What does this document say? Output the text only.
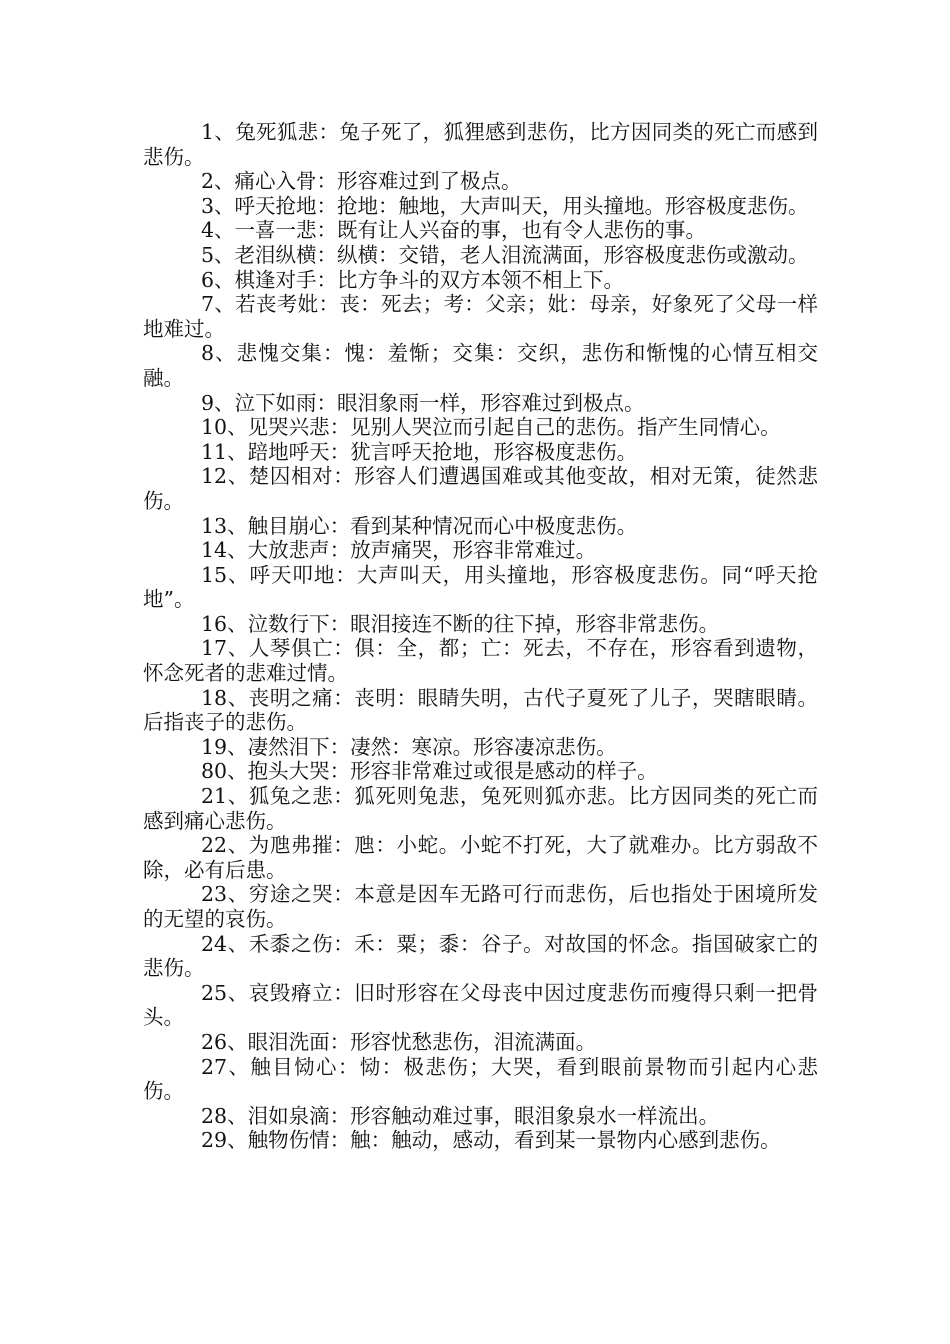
1、兔死狐悲：兔子死了，狐狸感到悲伤，比方因同类的死亡而感到悲伤。

2、痛心入骨：形容难过到了极点。

3、呼天抢地：抢地：触地，大声叫天，用头撞地。形容极度悲伤。

4、一喜一悲：既有让人兴奋的事，也有令人悲伤的事。

5、老泪纵横：纵横：交错，老人泪流满面，形容极度悲伤或激动。

6、棋逢对手：比方争斗的双方本领不相上下。

7、若丧考妣：丧：死去；考：父亲；妣：母亲，好象死了父母一样地难过。

8、悲愧交集：愧：羞惭；交集：交织，悲伤和惭愧的心情互相交融。

9、泣下如雨：眼泪象雨一样，形容难过到极点。

10、见哭兴悲：见别人哭泣而引起自己的悲伤。指产生同情心。

11、踣地呼天：犹言呼天抢地，形容极度悲伤。

12、楚囚相对：形容人们遭遇国难或其他变故，相对无策，徒然悲伤。

13、触目崩心：看到某种情况而心中极度悲伤。

14、大放悲声：放声痛哭，形容非常难过。

15、呼天叩地：大声叫天，用头撞地，形容极度悲伤。同“呼天抢地”。

16、泣数行下：眼泪接连不断的往下掉，形容非常悲伤。

17、人琴俱亡：俱：全，都；亡：死去，不存在，形容看到遗物，怀念死者的悲难过情。

18、丧明之痛：丧明：眼睛失明，古代子夏死了儿子，哭瞎眼睛。后指丧子的悲伤。

19、凄然泪下：凄然：寒凉。形容凄凉悲伤。

80、抱头大哭：形容非常难过或很是感动的样子。

21、狐兔之悲：狐死则兔悲，兔死则狐亦悲。比方因同类的死亡而感到痛心悲伤。

22、为虺弗摧：虺：小蛇。小蛇不打死，大了就难办。比方弱敌不除，必有后患。

23、穷途之哭：本意是因车无路可行而悲伤，后也指处于困境所发的无望的哀伤。

24、禾黍之伤：禾：粟；黍：谷子。对故国的怀念。指国破家亡的悲伤。

25、哀毁瘠立：旧时形容在父母丧中因过度悲伤而瘦得只剩一把骨头。

26、眼泪洗面：形容忧愁悲伤，泪流满面。

27、触目恸心：恸：极悲伤；大哭，看到眼前景物而引起内心悲伤。

28、泪如泉滴：形容触动难过事，眼泪象泉水一样流出。

29、触物伤情：触：触动，感动，看到某一景物内心感到悲伤。
